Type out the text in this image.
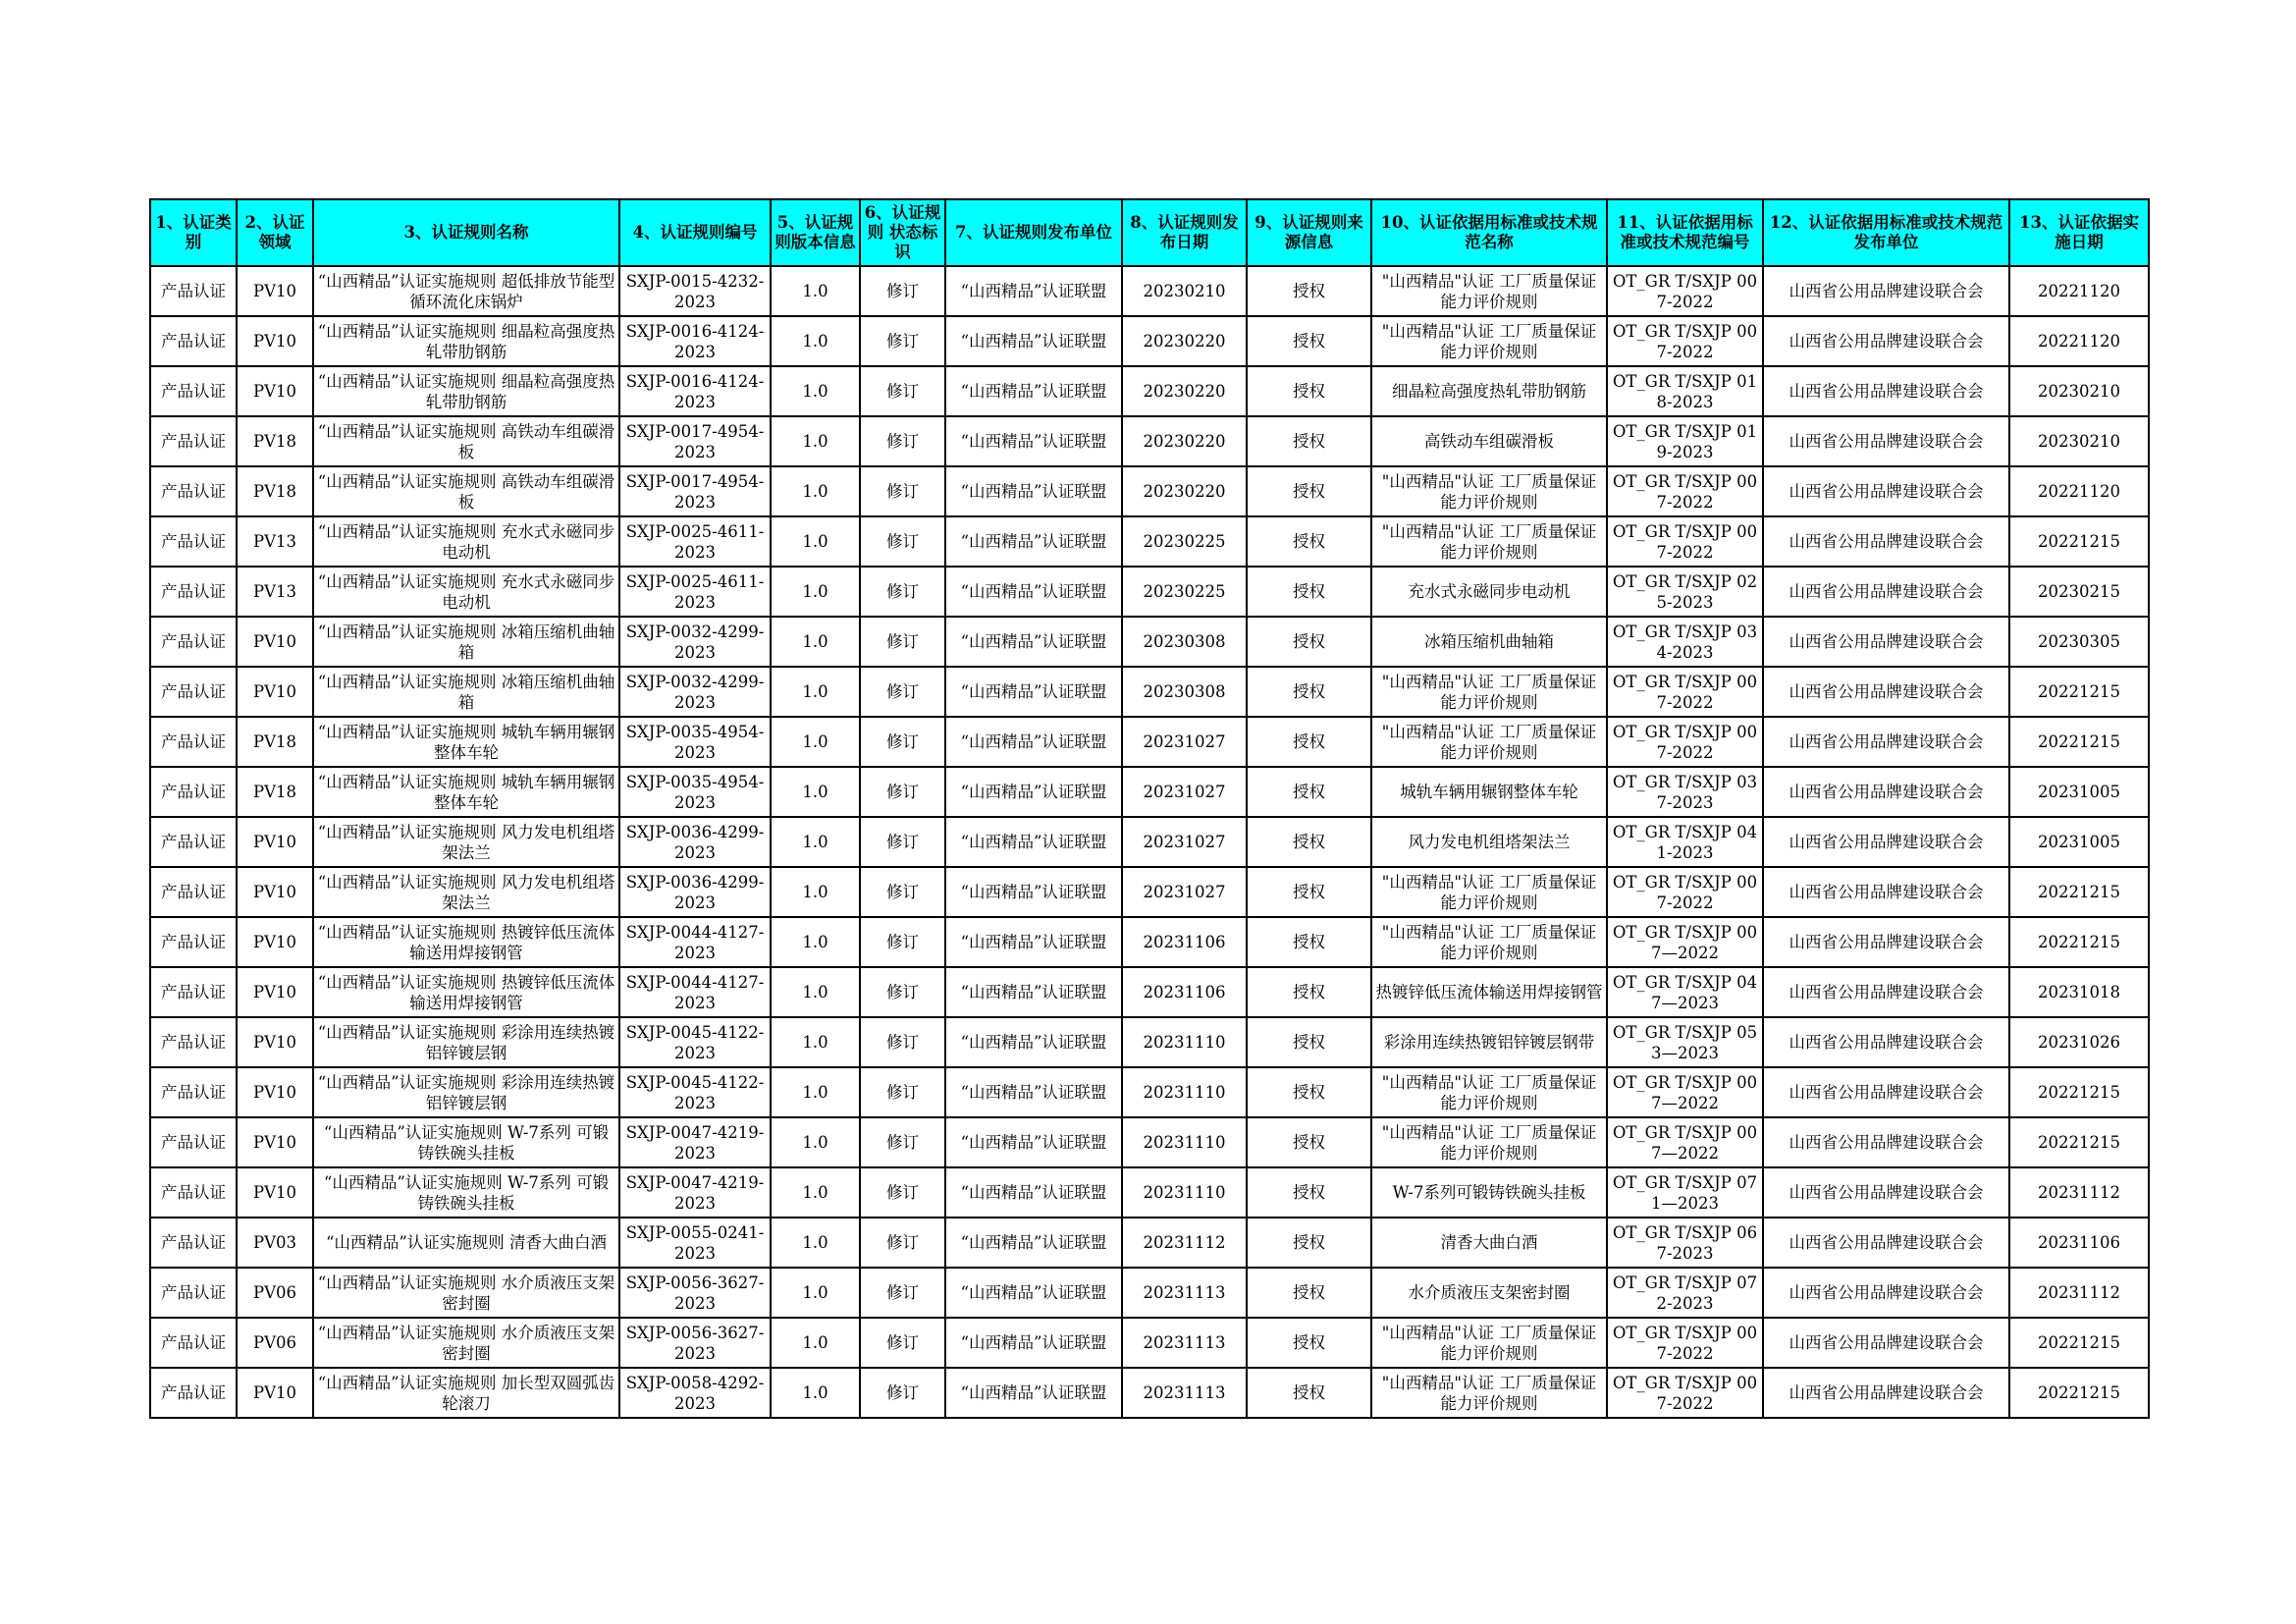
1、认证类别	2、认证领域	3、认证规则名称	4、认证规则编号	5、认证规则版本信息	6、认证规则 状态标识	7、认证规则发布单位	8、认证规则发布日期	9、认证规则来源信息	10、认证依据用标准或技术规范名称	11、认证依据用标准或技术规范编号	12、认证依据用标准或技术规范发布单位	13、认证依据实施日期
产品认证	PV10	“山西精品”认证实施规则 超低排放节能型循环流化床锅炉	SXJP-0015-4232-2023	1.0	修订	“山西精品”认证联盟	20230210	授权	"山西精品"认证 工厂质量保证能力评价规则	OT_GR T/SXJP 007-2022	山西省公用品牌建设联合会	20221120
产品认证	PV10	“山西精品”认证实施规则 细晶粒高强度热轧带肋钢筋	SXJP-0016-4124-2023	1.0	修订	“山西精品”认证联盟	20230220	授权	"山西精品"认证 工厂质量保证能力评价规则	OT_GR T/SXJP 007-2022	山西省公用品牌建设联合会	20221120
产品认证	PV10	“山西精品”认证实施规则 细晶粒高强度热轧带肋钢筋	SXJP-0016-4124-2023	1.0	修订	“山西精品”认证联盟	20230220	授权	细晶粒高强度热轧带肋钢筋	OT_GR T/SXJP 018-2023	山西省公用品牌建设联合会	20230210
产品认证	PV18	“山西精品”认证实施规则 高铁动车组碳滑板	SXJP-0017-4954-2023	1.0	修订	“山西精品”认证联盟	20230220	授权	高铁动车组碳滑板	OT_GR T/SXJP 019-2023	山西省公用品牌建设联合会	20230210
产品认证	PV18	“山西精品”认证实施规则 高铁动车组碳滑板	SXJP-0017-4954-2023	1.0	修订	“山西精品”认证联盟	20230220	授权	"山西精品"认证 工厂质量保证能力评价规则	OT_GR T/SXJP 007-2022	山西省公用品牌建设联合会	20221120
产品认证	PV13	“山西精品”认证实施规则 充水式永磁同步电动机	SXJP-0025-4611-2023	1.0	修订	“山西精品”认证联盟	20230225	授权	"山西精品"认证 工厂质量保证能力评价规则	OT_GR T/SXJP 007-2022	山西省公用品牌建设联合会	20221215
产品认证	PV13	“山西精品”认证实施规则 充水式永磁同步电动机	SXJP-0025-4611-2023	1.0	修订	“山西精品”认证联盟	20230225	授权	充水式永磁同步电动机	OT_GR T/SXJP 025-2023	山西省公用品牌建设联合会	20230215
产品认证	PV10	“山西精品”认证实施规则 冰箱压缩机曲轴箱	SXJP-0032-4299-2023	1.0	修订	“山西精品”认证联盟	20230308	授权	冰箱压缩机曲轴箱	OT_GR T/SXJP 034-2023	山西省公用品牌建设联合会	20230305
产品认证	PV10	“山西精品”认证实施规则 冰箱压缩机曲轴箱	SXJP-0032-4299-2023	1.0	修订	“山西精品”认证联盟	20230308	授权	"山西精品"认证 工厂质量保证能力评价规则	OT_GR T/SXJP 007-2022	山西省公用品牌建设联合会	20221215
产品认证	PV18	“山西精品”认证实施规则 城轨车辆用辗钢整体车轮	SXJP-0035-4954-2023	1.0	修订	“山西精品”认证联盟	20231027	授权	"山西精品"认证 工厂质量保证能力评价规则	OT_GR T/SXJP 007-2022	山西省公用品牌建设联合会	20221215
产品认证	PV18	“山西精品”认证实施规则 城轨车辆用辗钢整体车轮	SXJP-0035-4954-2023	1.0	修订	“山西精品”认证联盟	20231027	授权	城轨车辆用辗钢整体车轮	OT_GR T/SXJP 037-2023	山西省公用品牌建设联合会	20231005
产品认证	PV10	“山西精品”认证实施规则 风力发电机组塔架法兰	SXJP-0036-4299-2023	1.0	修订	“山西精品”认证联盟	20231027	授权	风力发电机组塔架法兰	OT_GR T/SXJP 041-2023	山西省公用品牌建设联合会	20231005
产品认证	PV10	“山西精品”认证实施规则 风力发电机组塔架法兰	SXJP-0036-4299-2023	1.0	修订	“山西精品”认证联盟	20231027	授权	"山西精品"认证 工厂质量保证能力评价规则	OT_GR T/SXJP 007-2022	山西省公用品牌建设联合会	20221215
产品认证	PV10	“山西精品”认证实施规则 热镀锌低压流体输送用焊接钢管	SXJP-0044-4127-2023	1.0	修订	“山西精品”认证联盟	20231106	授权	"山西精品"认证 工厂质量保证能力评价规则	OT_GR T/SXJP 007—2022	山西省公用品牌建设联合会	20221215
产品认证	PV10	“山西精品”认证实施规则 热镀锌低压流体输送用焊接钢管	SXJP-0044-4127-2023	1.0	修订	“山西精品”认证联盟	20231106	授权	热镀锌低压流体输送用焊接钢管	OT_GR T/SXJP 047—2023	山西省公用品牌建设联合会	20231018
产品认证	PV10	“山西精品”认证实施规则 彩涂用连续热镀铝锌镀层钢	SXJP-0045-4122-2023	1.0	修订	“山西精品”认证联盟	20231110	授权	彩涂用连续热镀铝锌镀层钢带	OT_GR T/SXJP 053—2023	山西省公用品牌建设联合会	20231026
产品认证	PV10	“山西精品”认证实施规则 彩涂用连续热镀铝锌镀层钢	SXJP-0045-4122-2023	1.0	修订	“山西精品”认证联盟	20231110	授权	"山西精品"认证 工厂质量保证能力评价规则	OT_GR T/SXJP 007—2022	山西省公用品牌建设联合会	20221215
产品认证	PV10	“山西精品”认证实施规则 W-7系列 可锻铸铁碗头挂板	SXJP-0047-4219-2023	1.0	修订	“山西精品”认证联盟	20231110	授权	"山西精品"认证 工厂质量保证能力评价规则	OT_GR T/SXJP 007—2022	山西省公用品牌建设联合会	20221215
产品认证	PV10	“山西精品”认证实施规则 W-7系列 可锻铸铁碗头挂板	SXJP-0047-4219-2023	1.0	修订	“山西精品”认证联盟	20231110	授权	W-7系列可锻铸铁碗头挂板	OT_GR T/SXJP 071—2023	山西省公用品牌建设联合会	20231112
产品认证	PV03	“山西精品”认证实施规则 清香大曲白酒	SXJP-0055-0241-2023	1.0	修订	“山西精品”认证联盟	20231112	授权	清香大曲白酒	OT_GR T/SXJP 067-2023	山西省公用品牌建设联合会	20231106
产品认证	PV06	“山西精品”认证实施规则 水介质液压支架密封圈	SXJP-0056-3627-2023	1.0	修订	“山西精品”认证联盟	20231113	授权	水介质液压支架密封圈	OT_GR T/SXJP 072-2023	山西省公用品牌建设联合会	20231112
产品认证	PV06	“山西精品”认证实施规则 水介质液压支架密封圈	SXJP-0056-3627-2023	1.0	修订	“山西精品”认证联盟	20231113	授权	"山西精品"认证 工厂质量保证能力评价规则	OT_GR T/SXJP 007-2022	山西省公用品牌建设联合会	20221215
产品认证	PV10	“山西精品”认证实施规则 加长型双圆弧齿轮滚刀	SXJP-0058-4292-2023	1.0	修订	“山西精品”认证联盟	20231113	授权	"山西精品"认证 工厂质量保证能力评价规则	OT_GR T/SXJP 007-2022	山西省公用品牌建设联合会	20221215
